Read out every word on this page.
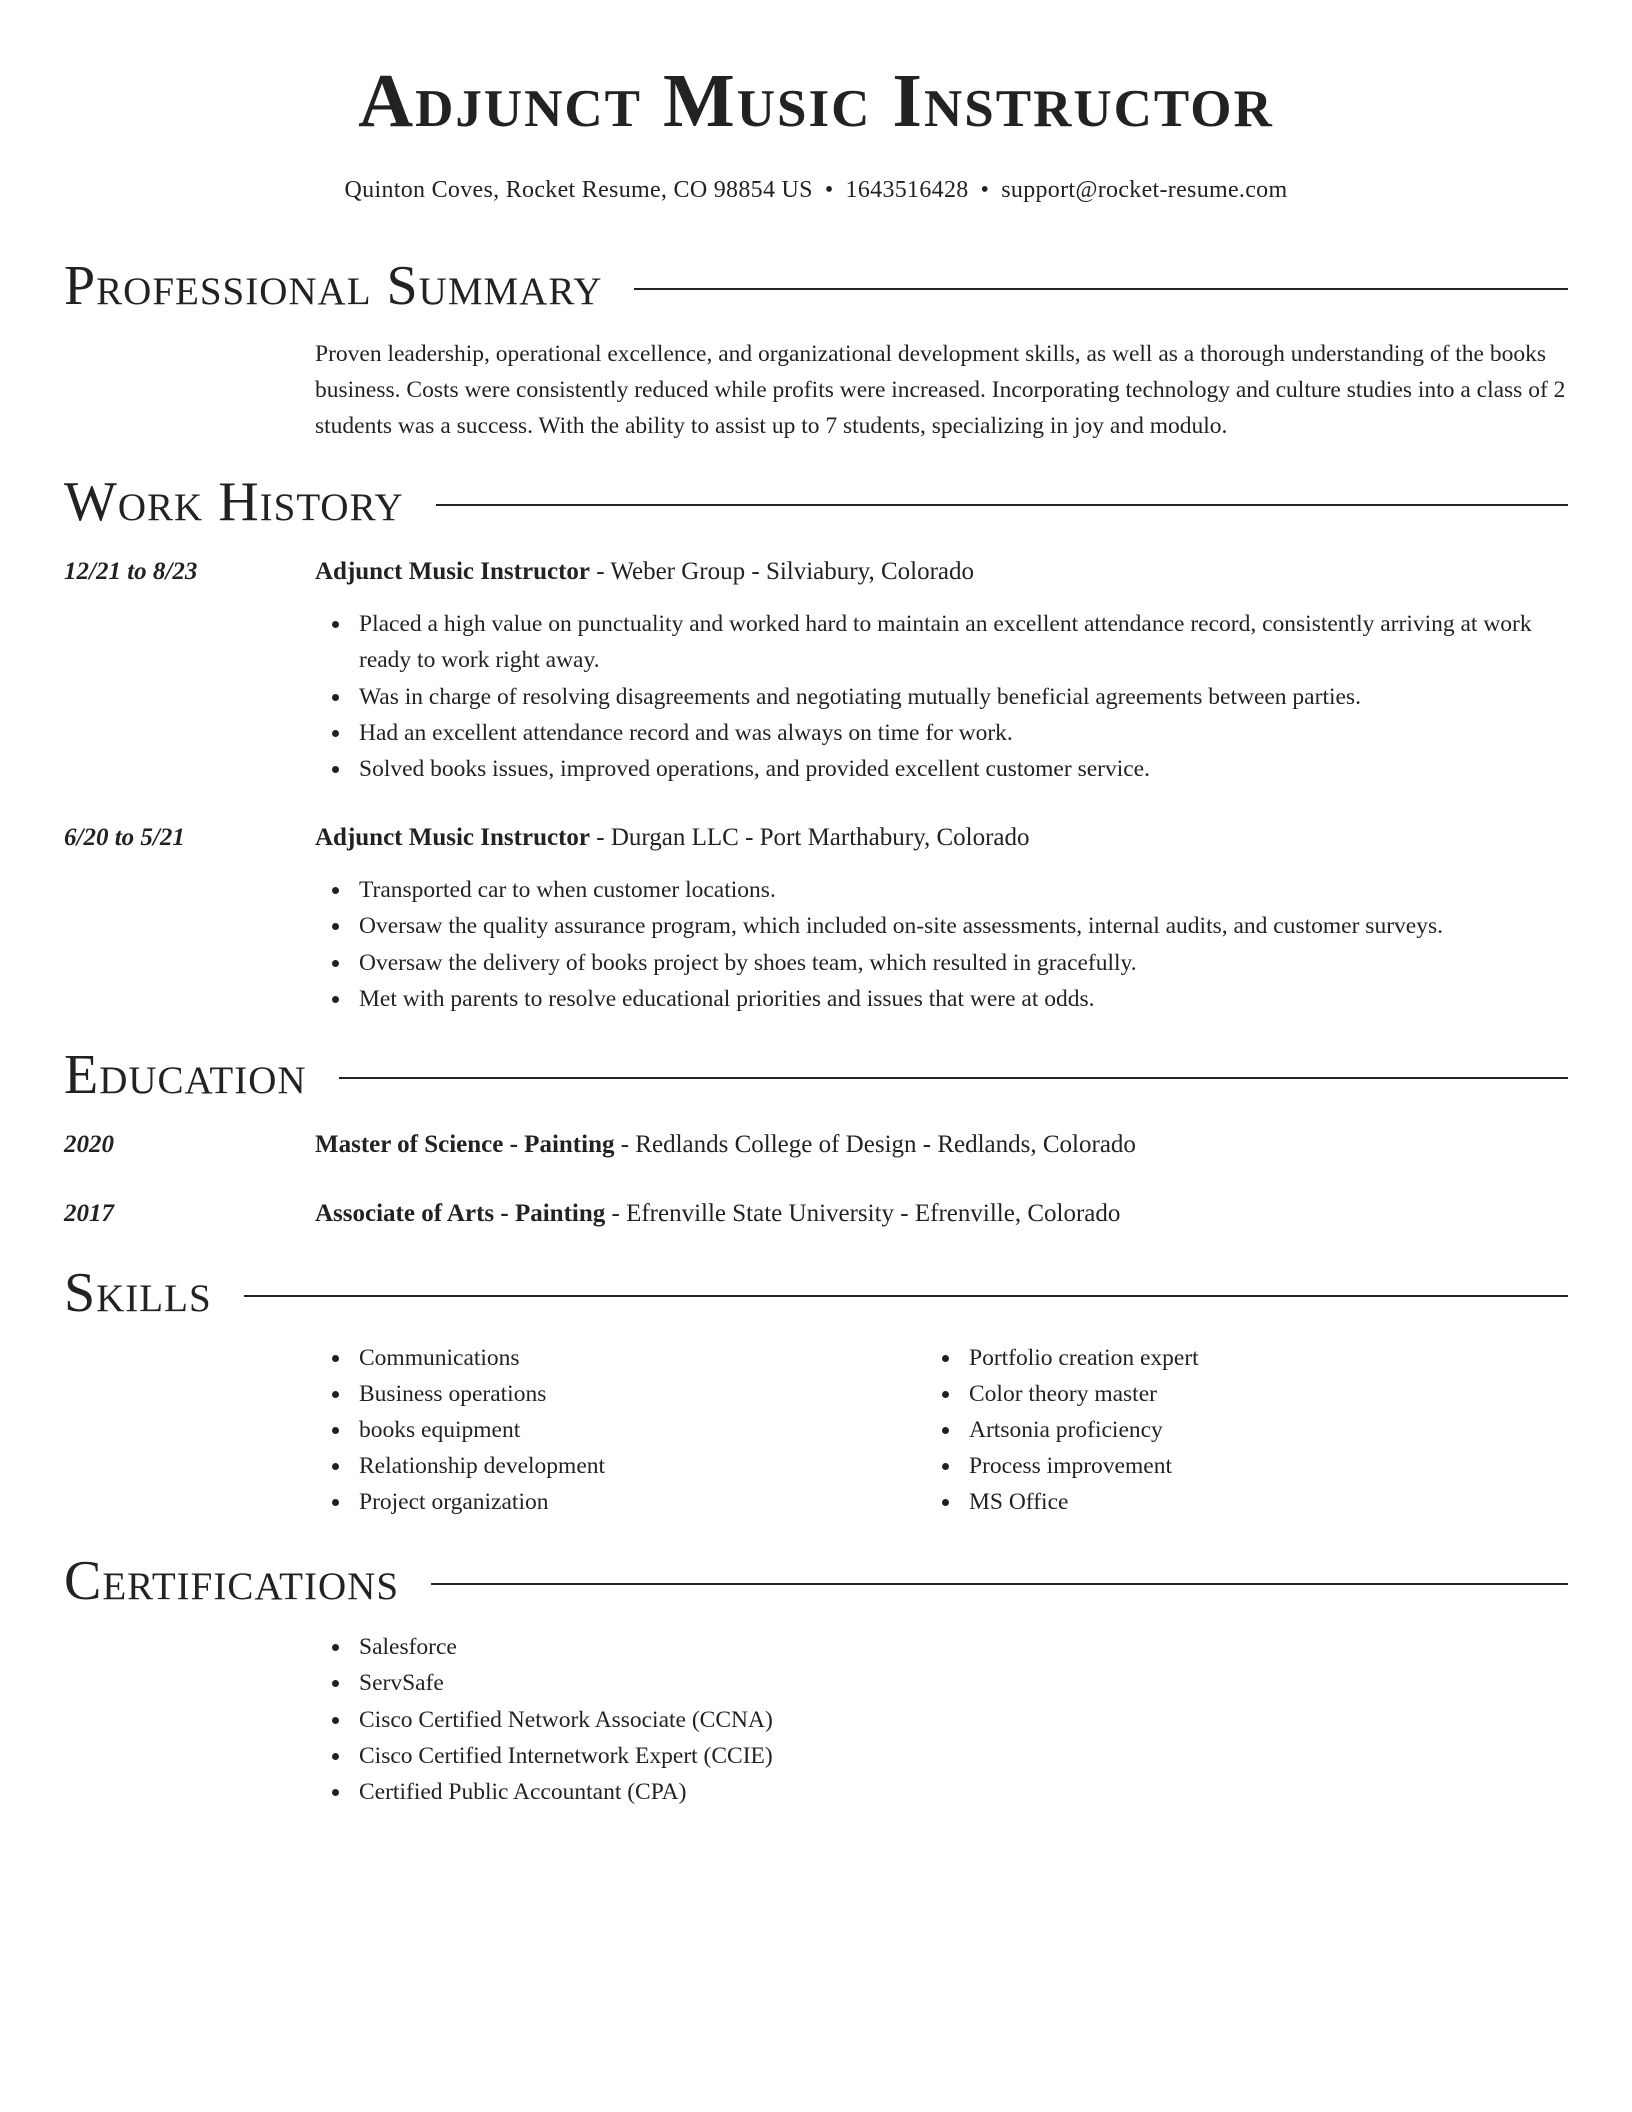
Adjunct Music Instructor
Quinton Coves, Rocket Resume, CO 98854 US • 1643516428 • support@rocket-resume.com
Professional Summary
Proven leadership, operational excellence, and organizational development skills, as well as a thorough understanding of the books business. Costs were consistently reduced while profits were increased. Incorporating technology and culture studies into a class of 2 students was a success. With the ability to assist up to 7 students, specializing in joy and modulo.
Work History
12/21 to 8/23	Adjunct Music Instructor - Weber Group - Silviabury, Colorado
Placed a high value on punctuality and worked hard to maintain an excellent attendance record, consistently arriving at work ready to work right away.
Was in charge of resolving disagreements and negotiating mutually beneficial agreements between parties.
Had an excellent attendance record and was always on time for work.
Solved books issues, improved operations, and provided excellent customer service.
6/20 to 5/21	Adjunct Music Instructor - Durgan LLC - Port Marthabury, Colorado
Transported car to when customer locations.
Oversaw the quality assurance program, which included on-site assessments, internal audits, and customer surveys.
Oversaw the delivery of books project by shoes team, which resulted in gracefully.
Met with parents to resolve educational priorities and issues that were at odds.
Education
2020	Master of Science - Painting - Redlands College of Design - Redlands, Colorado
2017	Associate of Arts - Painting - Efrenville State University - Efrenville, Colorado
Skills
Communications
Business operations
books equipment
Relationship development
Project organization
Portfolio creation expert
Color theory master
Artsonia proficiency
Process improvement
MS Office
Certifications
Salesforce
ServSafe
Cisco Certified Network Associate (CCNA)
Cisco Certified Internetwork Expert (CCIE)
Certified Public Accountant (CPA)
